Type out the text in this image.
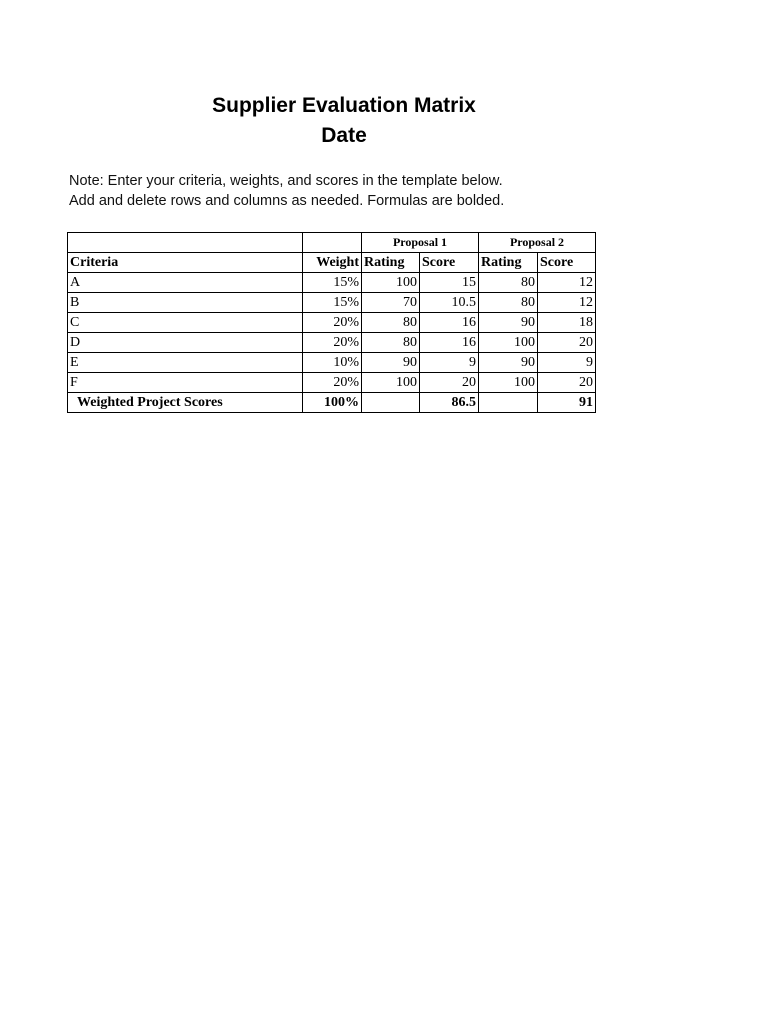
Supplier Evaluation Matrix
Date
Note: Enter your criteria, weights, and scores in the template below.
Add and delete rows and columns as needed. Formulas are bolded.
		Proposal 1		Proposal 2	
Criteria	Weight	Rating	Score	Rating	Score
A	15%	100	15	80	12
B	15%	70	10.5	80	12
C	20%	80	16	90	18
D	20%	80	16	100	20
E	10%	90	9	90	9
F	20%	100	20	100	20
Weighted Project Scores	100%		86.5		91
